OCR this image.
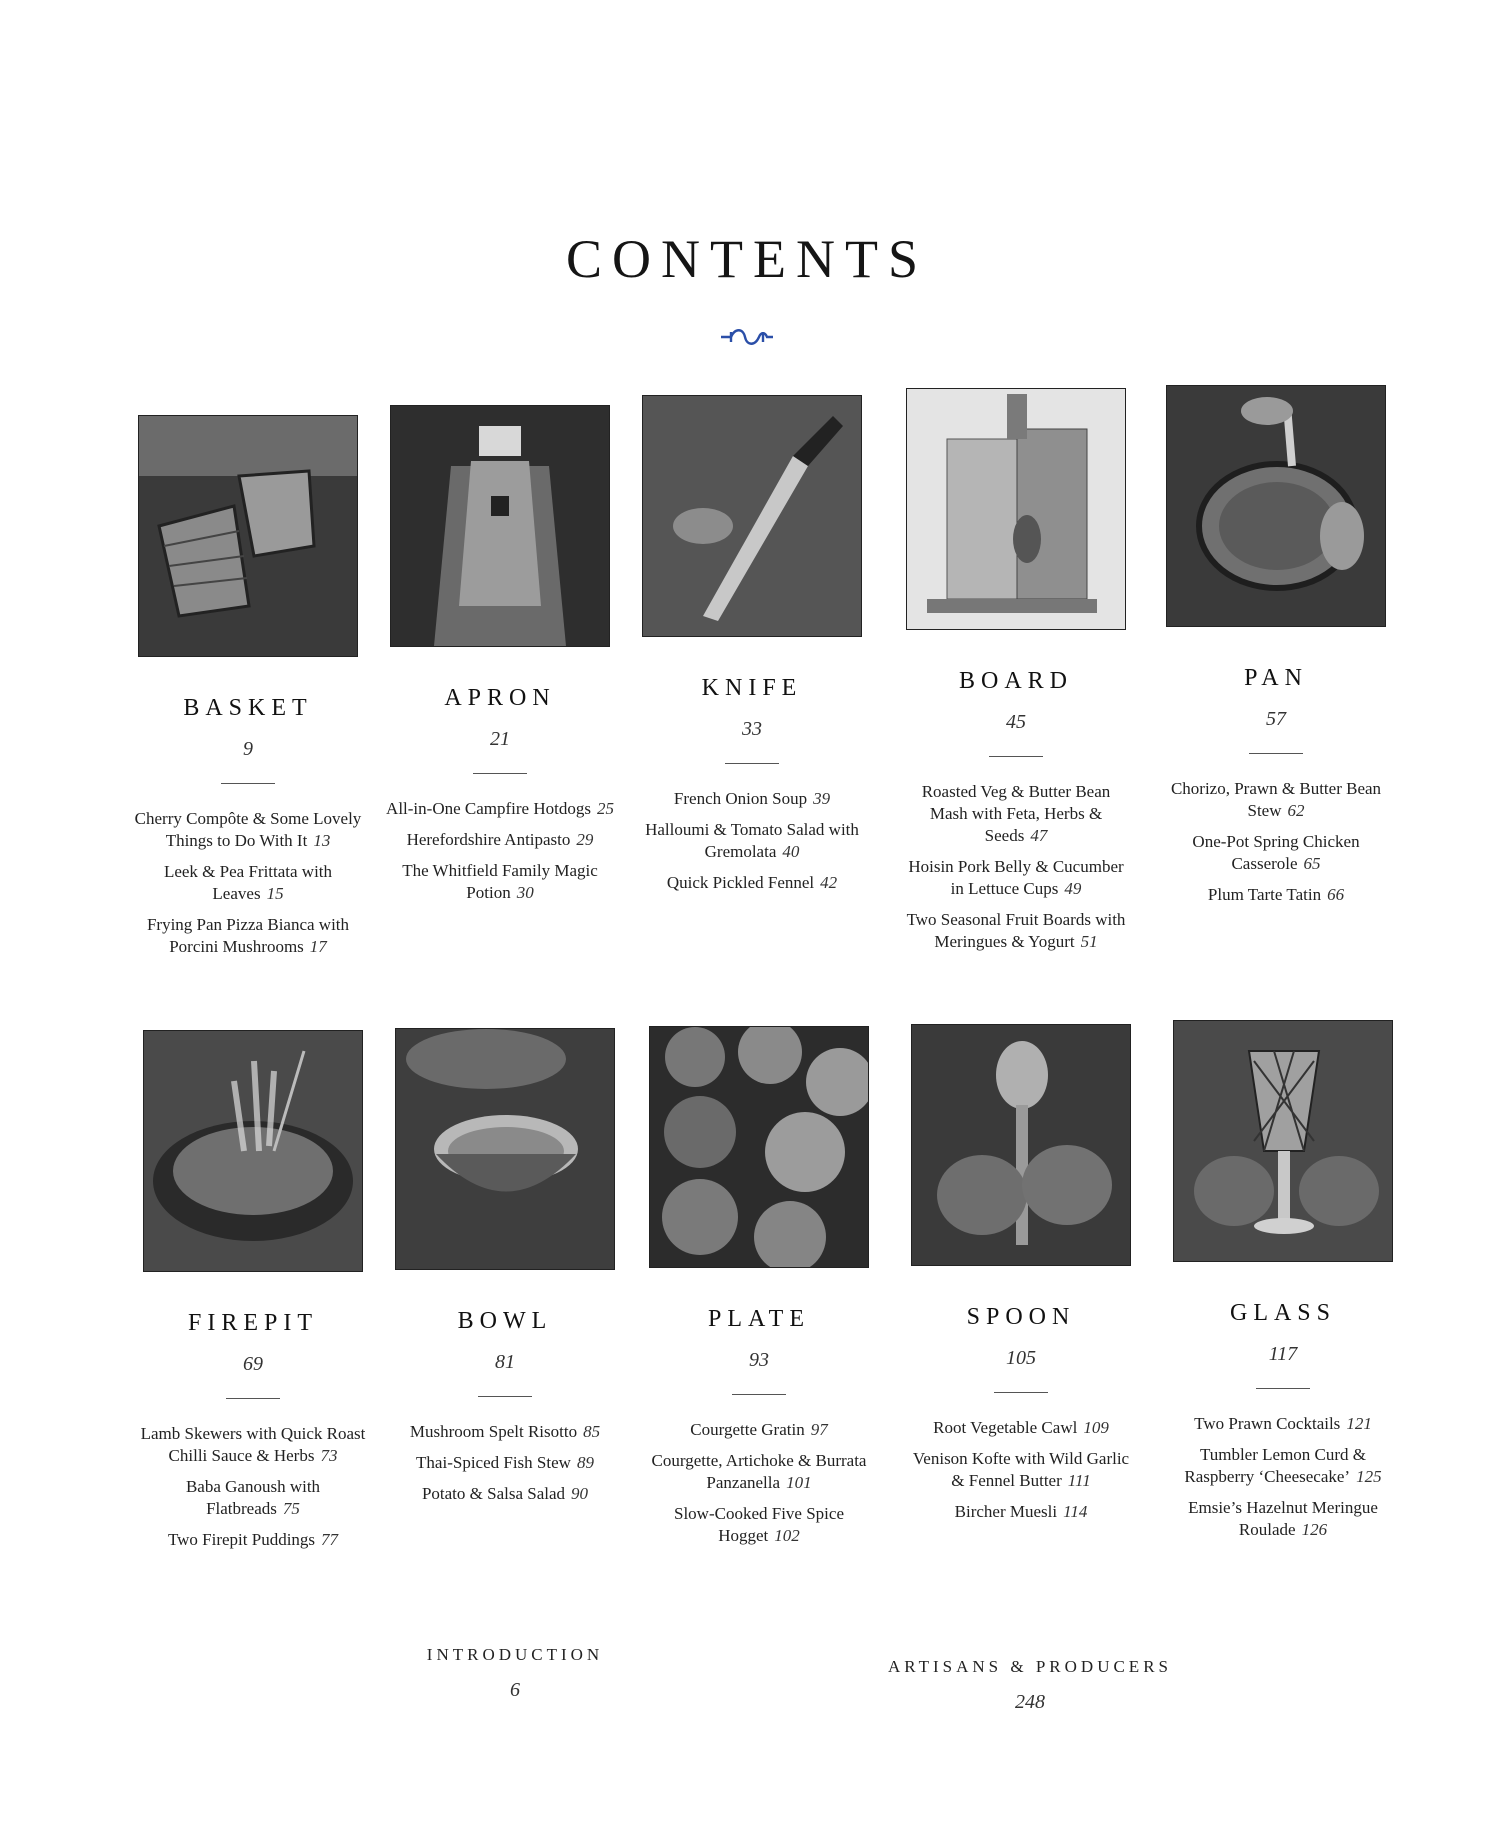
CONTENTS
BASKET
9
Cherry Compôte & Some Lovely Things to Do With It 13
Leek & Pea Frittata with Leaves 15
Frying Pan Pizza Bianca with Porcini Mushrooms 17
APRON
21
All-in-One Campfire Hotdogs 25
Herefordshire Antipasto 29
The Whitfield Family Magic Potion 30
KNIFE
33
French Onion Soup 39
Halloumi & Tomato Salad with Gremolata 40
Quick Pickled Fennel 42
BOARD
45
Roasted Veg & Butter Bean Mash with Feta, Herbs & Seeds 47
Hoisin Pork Belly & Cucumber in Lettuce Cups 49
Two Seasonal Fruit Boards with Meringues & Yogurt 51
PAN
57
Chorizo, Prawn & Butter Bean Stew 62
One-Pot Spring Chicken Casserole 65
Plum Tarte Tatin 66
FIREPIT
69
Lamb Skewers with Quick Roast Chilli Sauce & Herbs 73
Baba Ganoush with Flatbreads 75
Two Firepit Puddings 77
BOWL
81
Mushroom Spelt Risotto 85
Thai-Spiced Fish Stew 89
Potato & Salsa Salad 90
PLATE
93
Courgette Gratin 97
Courgette, Artichoke & Burrata Panzanella 101
Slow-Cooked Five Spice Hogget 102
SPOON
105
Root Vegetable Cawl 109
Venison Kofte with Wild Garlic & Fennel Butter 111
Bircher Muesli 114
GLASS
117
Two Prawn Cocktails 121
Tumbler Lemon Curd & Raspberry ‘Cheesecake’ 125
Emsie’s Hazelnut Meringue Roulade 126
INTRODUCTION
6
ARTISANS & PRODUCERS
248
